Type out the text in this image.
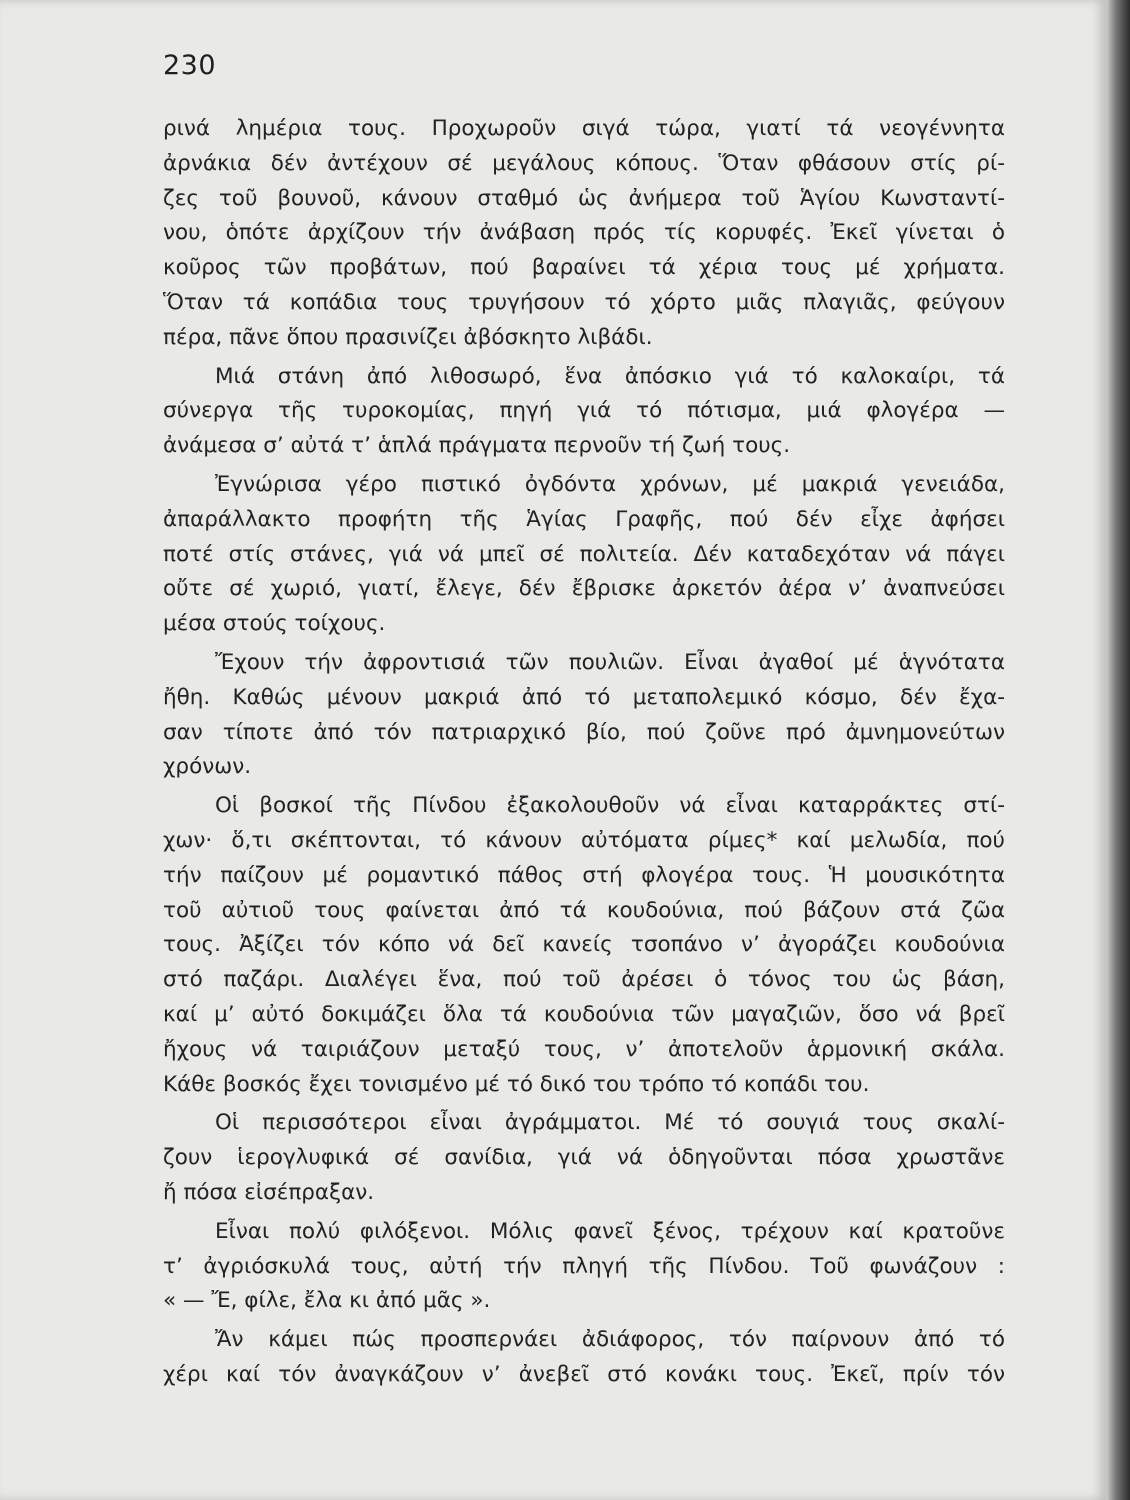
230
ρινά λημέρια τους. Προχωροῦν σιγά τώρα, γιατί τά νεογέννητα
ἀρνάκια δέν ἀντέχουν σέ μεγάλους κόπους. Ὅταν φθάσουν στίς ρί-
ζες τοῦ βουνοῦ, κάνουν σταθμό ὡς ἀνήμερα τοῦ Ἁγίου Κωνσταντί-
νου, ὁπότε ἀρχίζουν τήν ἀνάβαση πρός τίς κορυφές. Ἐκεῖ γίνεται ὁ
κοῦρος τῶν προβάτων, πού βαραίνει τά χέρια τους μέ χρήματα.
Ὅταν τά κοπάδια τους τρυγήσουν τό χόρτο μιᾶς πλαγιᾶς, φεύγουν
πέρα, πᾶνε ὅπου πρασινίζει ἀβόσκητο λιβάδι.
Μιά στάνη ἀπό λιθοσωρό, ἕνα ἀπόσκιο γιά τό καλοκαίρι, τά
σύνεργα τῆς τυροκομίας, πηγή γιά τό πότισμα, μιά φλογέρα —
ἀνάμεσα σ’ αὐτά τ’ ἁπλά πράγματα περνοῦν τή ζωή τους.
Ἐγνώρισα γέρο πιστικό ὀγδόντα χρόνων, μέ μακριά γενειάδα,
ἀπαράλλακτο προφήτη τῆς Ἁγίας Γραφῆς, πού δέν εἶχε ἀφήσει
ποτέ στίς στάνες, γιά νά μπεῖ σέ πολιτεία. Δέν καταδεχόταν νά πάγει
οὔτε σέ χωριό, γιατί, ἔλεγε, δέν ἔβρισκε ἀρκετόν ἀέρα ν’ ἀναπνεύσει
μέσα στούς τοίχους.
Ἔχουν τήν ἀφροντισιά τῶν πουλιῶν. Εἶναι ἀγαθοί μέ ἁγνότατα
ἤθη. Καθώς μένουν μακριά ἀπό τό μεταπολεμικό κόσμο, δέν ἔχα-
σαν τίποτε ἀπό τόν πατριαρχικό βίο, πού ζοῦνε πρό ἀμνημονεύτων
χρόνων.
Οἱ βοσκοί τῆς Πίνδου ἐξακολουθοῦν νά εἶναι καταρράκτες στί-
χων· ὅ,τι σκέπτονται, τό κάνουν αὐτόματα ρίμες* καί μελωδία, πού
τήν παίζουν μέ ρομαντικό πάθος στή φλογέρα τους. Ἡ μουσικότητα
τοῦ αὐτιοῦ τους φαίνεται ἀπό τά κουδούνια, πού βάζουν στά ζῶα
τους. Ἀξίζει τόν κόπο νά δεῖ κανείς τσοπάνο ν’ ἀγοράζει κουδούνια
στό παζάρι. Διαλέγει ἕνα, πού τοῦ ἀρέσει ὁ τόνος του ὡς βάση,
καί μ’ αὐτό δοκιμάζει ὅλα τά κουδούνια τῶν μαγαζιῶν, ὅσο νά βρεῖ
ἤχους νά ταιριάζουν μεταξύ τους, ν’ ἀποτελοῦν ἁρμονική σκάλα.
Κάθε βοσκός ἔχει τονισμένο μέ τό δικό του τρόπο τό κοπάδι του.
Οἱ περισσότεροι εἶναι ἀγράμματοι. Μέ τό σουγιά τους σκαλί-
ζουν ἱερογλυφικά σέ σανίδια, γιά νά ὁδηγοῦνται πόσα χρωστᾶνε
ἤ πόσα εἰσέπραξαν.
Εἶναι πολύ φιλόξενοι. Μόλις φανεῖ ξένος, τρέχουν καί κρατοῦνε
τ’ ἀγριόσκυλά τους, αὐτή τήν πληγή τῆς Πίνδου. Τοῦ φωνάζουν :
« — Ἔ, φίλε, ἔλα κι ἀπό μᾶς ».
Ἄν κάμει πώς προσπερνάει ἀδιάφορος, τόν παίρνουν ἀπό τό
χέρι καί τόν ἀναγκάζουν ν’ ἀνεβεῖ στό κονάκι τους. Ἐκεῖ, πρίν τόν
